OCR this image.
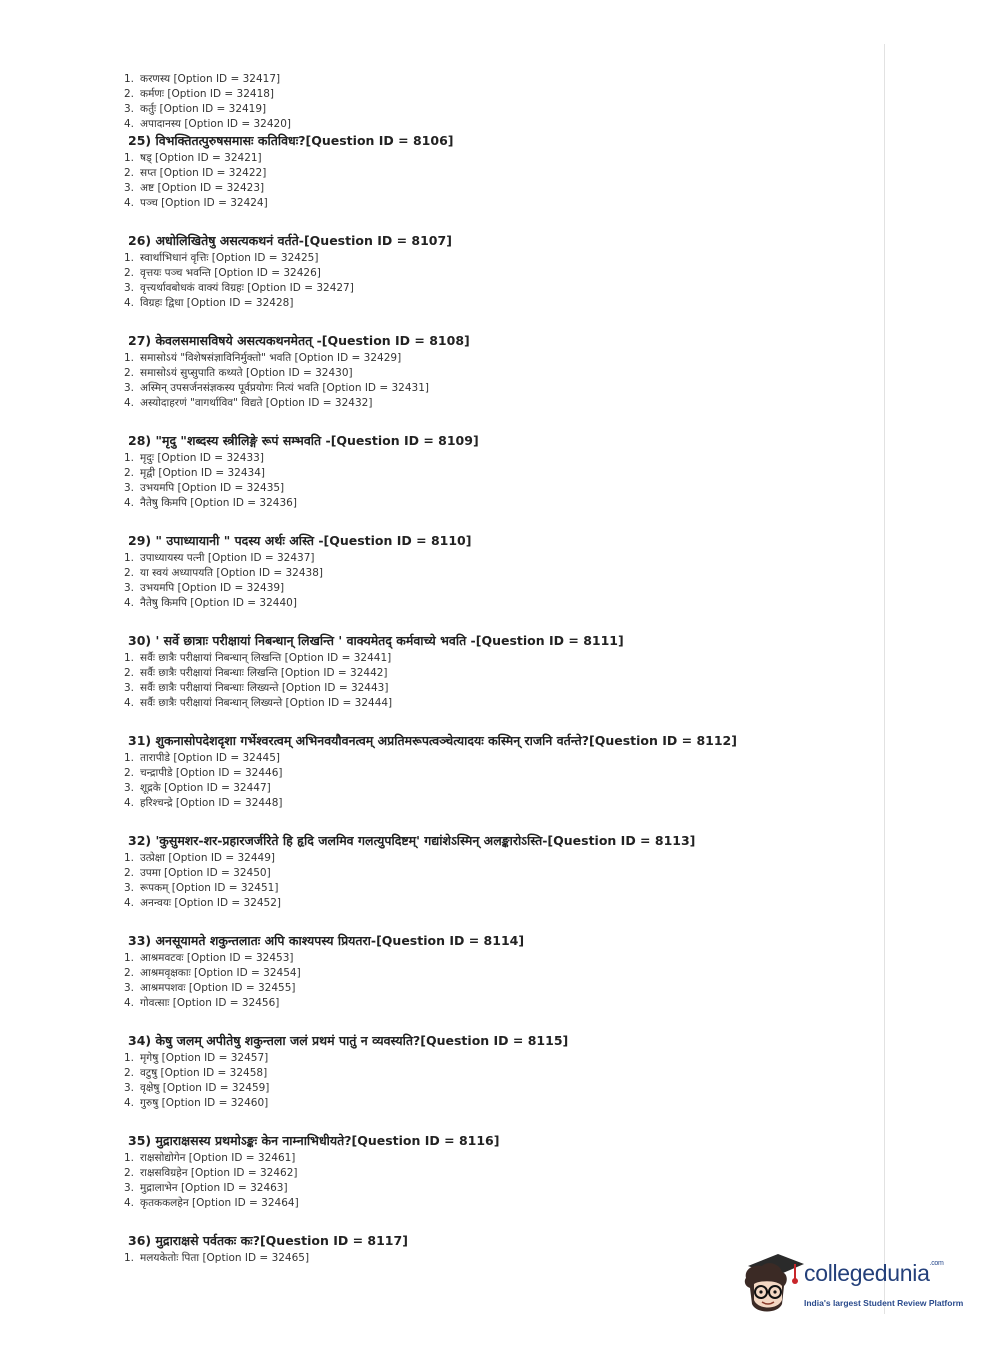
1. करणस्य [Option ID = 32417]
2. कर्मणः [Option ID = 32418]
3. कर्तुः [Option ID = 32419]
4. अपादानस्य [Option ID = 32420]
25) विभक्तितत्पुरुषसमासः कतिविधः?[Question ID = 8106]
1. षड् [Option ID = 32421]
2. सप्त [Option ID = 32422]
3. अष्ट [Option ID = 32423]
4. पञ्च [Option ID = 32424]
26) अधोलिखितेषु असत्यकथनं वर्तते-[Question ID = 8107]
1. स्वार्थाभिधानं वृत्तिः [Option ID = 32425]
2. वृत्तयः पञ्च भवन्ति [Option ID = 32426]
3. वृत्त्यर्थावबोधकं वाक्यं विग्रहः [Option ID = 32427]
4. विग्रहः द्विधा [Option ID = 32428]
27) केवलसमासविषये असत्यकथनमेतत् -[Question ID = 8108]
1. समासोऽयं "विशेषसंज्ञाविनिर्मुक्तो" भवति [Option ID = 32429]
2. समासोऽयं सुप्सुपाति कथ्यते [Option ID = 32430]
3. अस्मिन् उपसर्जनसंज्ञकस्य पूर्वप्रयोगः नित्यं भवति [Option ID = 32431]
4. अस्योदाहरणं "वागर्थाविव" विद्यते [Option ID = 32432]
28) "मृदु "शब्दस्य स्त्रीलिङ्गे रूपं सम्भवति -[Question ID = 8109]
1. मृदुः [Option ID = 32433]
2. मृद्वी [Option ID = 32434]
3. उभयमपि [Option ID = 32435]
4. नैतेषु किमपि [Option ID = 32436]
29) " उपाध्यायानी " पदस्य अर्थः अस्ति -[Question ID = 8110]
1. उपाध्यायस्य पत्नी [Option ID = 32437]
2. या स्वयं अध्यापयति [Option ID = 32438]
3. उभयमपि [Option ID = 32439]
4. नैतेषु किमपि [Option ID = 32440]
30) ' सर्वे छात्राः परीक्षायां निबन्धान् लिखन्ति ' वाक्यमेतद् कर्मवाच्ये भवति -[Question ID = 8111]
1. सर्वैः छात्रैः परीक्षायां निबन्धान् लिखन्ति [Option ID = 32441]
2. सर्वैः छात्रैः परीक्षायां निबन्धाः लिखन्ति [Option ID = 32442]
3. सर्वैः छात्रैः परीक्षायां निबन्धाः लिख्यन्ते [Option ID = 32443]
4. सर्वैः छात्रैः परीक्षायां निबन्धान् लिख्यन्ते [Option ID = 32444]
31) शुकनासोपदेशदृशा गर्भेश्वरत्वम् अभिनवयौवनत्वम् अप्रतिमरूपत्वञ्चेत्यादयः कस्मिन् राजनि वर्तन्ते?[Question ID = 8112]
1. तारापीडे [Option ID = 32445]
2. चन्द्रापीडे [Option ID = 32446]
3. शूद्रके [Option ID = 32447]
4. हरिश्चन्द्रे [Option ID = 32448]
32) 'कुसुमशर-शर-प्रहारजर्जरिते हि हृदि जलमिव गलत्युपदिष्टम्' गद्यांशेऽस्मिन् अलङ्कारोऽस्ति-[Question ID = 8113]
1. उत्प्रेक्षा [Option ID = 32449]
2. उपमा [Option ID = 32450]
3. रूपकम् [Option ID = 32451]
4. अनन्वयः [Option ID = 32452]
33) अनसूयामते शकुन्तलातः अपि काश्यपस्य प्रियतरा-[Question ID = 8114]
1. आश्रमवटवः [Option ID = 32453]
2. आश्रमवृक्षकाः [Option ID = 32454]
3. आश्रमपशवः [Option ID = 32455]
4. गोवत्साः [Option ID = 32456]
34) केषु जलम् अपीतेषु शकुन्तला जलं प्रथमं पातुं न व्यवस्यति?[Question ID = 8115]
1. मृगेषु [Option ID = 32457]
2. वटुषु [Option ID = 32458]
3. वृक्षेषु [Option ID = 32459]
4. गुरुषु [Option ID = 32460]
35) मुद्राराक्षसस्य प्रथमोऽङ्कः केन नाम्नाभिधीयते?[Question ID = 8116]
1. राक्षसोद्योगेन [Option ID = 32461]
2. राक्षसविग्रहेन [Option ID = 32462]
3. मुद्रालाभेन [Option ID = 32463]
4. कृतककलहेन [Option ID = 32464]
36) मुद्राराक्षसे पर्वतकः कः?[Question ID = 8117]
1. मलयकेतोः पिता [Option ID = 32465]
collegedunia$^{.com}$
India's largest Student Review Platform
